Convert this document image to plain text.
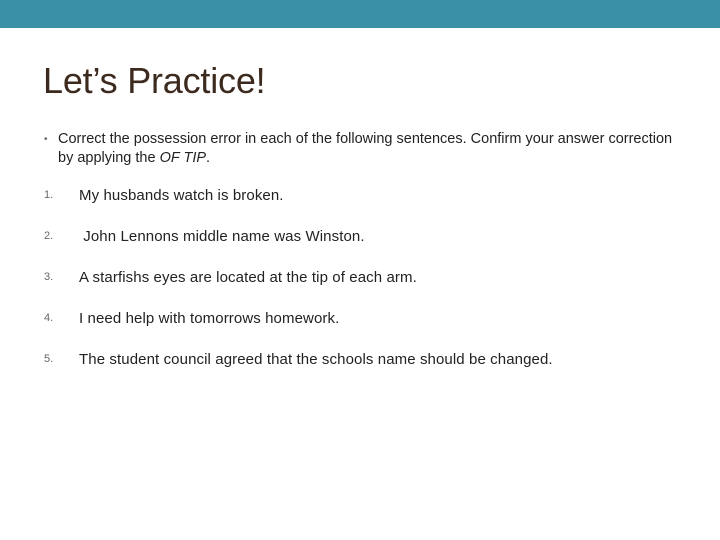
Let’s Practice!
• Correct the possession error in each of the following sentences. Confirm your answer correction by applying the OF TIP.
1. My husbands watch is broken.
2. John Lennons middle name was Winston.
3. A starfishs eyes are located at the tip of each arm.
4. I need help with tomorrows homework.
5. The student council agreed that the schools name should be changed.
